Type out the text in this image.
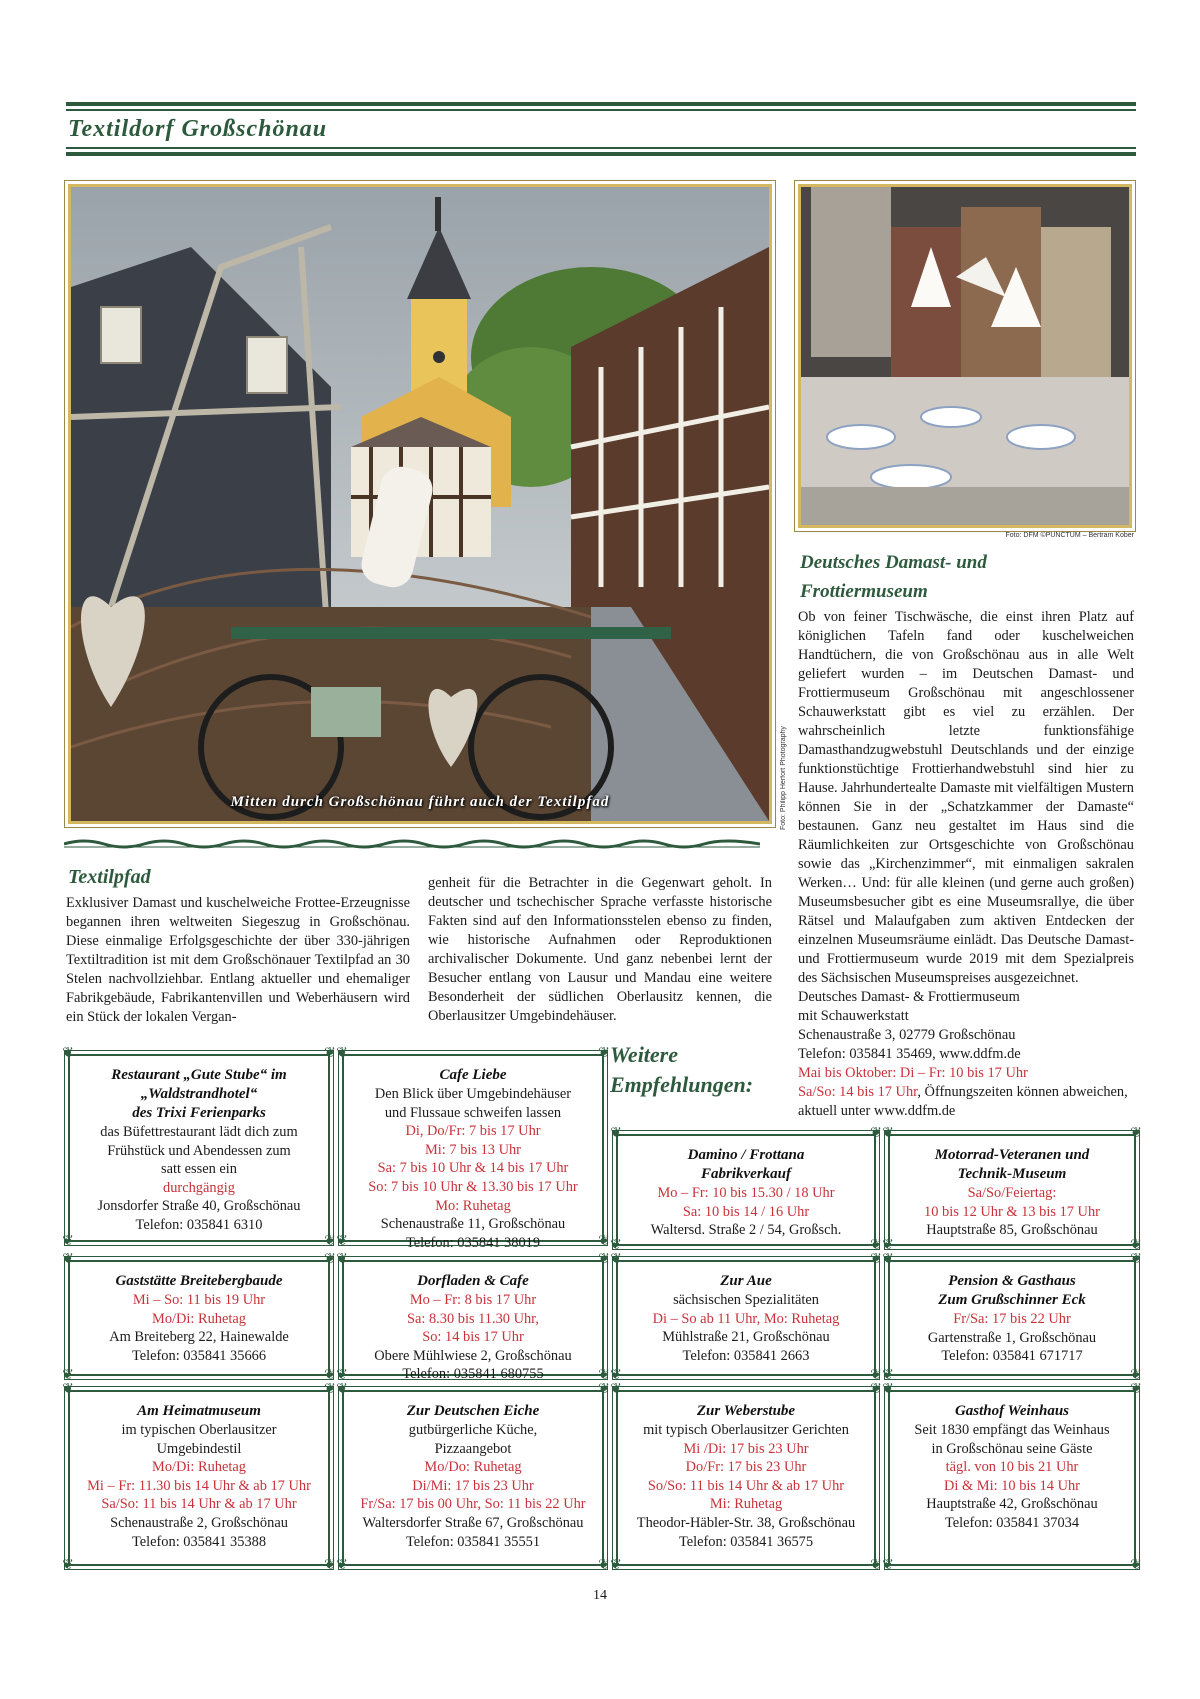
Textildorf Großschönau
Mitten durch Großschönau führt auch der Textilpfad	Foto: Philipp Herfort Photography
Foto: DFM ©PUNCTUM – Bertram Kober
Deutsches Damast- und
Frottiermuseum
Ob von feiner Tischwäsche, die einst ihren Platz auf königlichen Tafeln fand oder kuschelweichen Handtüchern, die von Großschönau aus in alle Welt geliefert wurden – im Deutschen Damast- und Frottiermuseum Großschönau mit angeschlossener Schauwerkstatt gibt es viel zu erzählen. Der wahrscheinlich letzte funktionsfähige Damasthandzugwebstuhl Deutschlands und der einzige funktionstüchtige Frottierhandwebstuhl sind hier zu Hause. Jahrhundertealte Damaste mit vielfältigen Mustern können Sie in der „Schatzkammer der Damaste“ bestaunen. Ganz neu gestaltet im Haus sind die Räumlichkeiten zur Ortsgeschichte von Großschönau sowie das „Kirchenzimmer“, mit einmaligen sakralen Werken… Und: für alle kleinen (und gerne auch großen) Museumsbesucher gibt es eine Museumsrallye, die über Rätsel und Malaufgaben zum aktiven Entdecken der einzelnen Museumsräume einlädt. Das Deutsche Damast- und Frottiermuseum wurde 2019 mit dem Spezialpreis des Sächsischen Museumspreises ausgezeichnet.
Deutsches Damast- & Frottiermuseum
mit Schauwerkstatt
Schenaustraße 3, 02779 Großschönau
Telefon: 035841 35469, www.ddfm.de
Mai bis Oktober: Di – Fr: 10 bis 17 Uhr
Sa/So: 14 bis 17 Uhr, Öffnungszeiten können abweichen, aktuell unter www.ddfm.de
Textilpfad
Exklusiver Damast und kuschelweiche Frottee-Erzeugnisse begannen ihren weltweiten Siegeszug in Großschönau. Diese einmalige Erfolgsgeschichte der über 330-jährigen Textiltradition ist mit dem Großschönauer Textilpfad an 30 Stelen nachvollziehbar. Entlang aktueller und ehemaliger Fabrikgebäude, Fabrikantenvillen und Weberhäusern wird ein Stück der lokalen Vergan-
genheit für die Betrachter in die Gegenwart geholt. In deutscher und tschechischer Sprache verfasste historische Fakten sind auf den Informationsstelen ebenso zu finden, wie historische Aufnahmen oder Reproduktionen archivalischer Dokumente. Und ganz nebenbei lernt der Besucher entlang von Lausur und Mandau eine weitere Besonderheit der südlichen Oberlausitz kennen, die Oberlausitzer Umgebindehäuser.
Weitere
Empfehlungen:
Restaurant „Gute Stube“ im
„Waldstrandhotel“
des Trixi Ferienparks
das Büfettrestaurant lädt dich zum
Frühstück und Abendessen zum
satt essen ein
durchgängig
Jonsdorfer Straße 40, Großschönau
Telefon: 035841 6310
❦	❦
❦	❦
Cafe Liebe
Den Blick über Umgebindehäuser
und Flussaue schweifen lassen
Di, Do/Fr: 7 bis 17 Uhr
Mi: 7 bis 13 Uhr
Sa: 7 bis 10 Uhr & 14 bis 17 Uhr
So: 7 bis 10 Uhr & 13.30 bis 17 Uhr
Mo: Ruhetag
Schenaustraße 11, Großschönau
Telefon: 035841 38019
❦	❦
❦	❦
Damino / Frottana
Fabrikverkauf
Mo – Fr: 10 bis 15.30 / 18 Uhr
Sa: 10 bis 14 / 16 Uhr
Waltersd. Straße 2 / 54, Großsch.
❦	❦
❦	❦
Motorrad-Veteranen und
Technik-Museum
Sa/So/Feiertag:
10 bis 12 Uhr & 13 bis 17 Uhr
Hauptstraße 85, Großschönau
❦	❦
❦	❦
Gaststätte Breitebergbaude
Mi – So: 11 bis 19 Uhr
Mo/Di: Ruhetag
Am Breiteberg 22, Hainewalde
Telefon: 035841 35666
❦	❦
❦	❦
Dorfladen & Cafe
Mo – Fr: 8 bis 17 Uhr
Sa: 8.30 bis 11.30 Uhr,
So: 14 bis 17 Uhr
Obere Mühlwiese 2, Großschönau
Telefon: 035841 680755
❦	❦
❦	❦
Zur Aue
sächsischen Spezialitäten
Di – So ab 11 Uhr, Mo: Ruhetag
Mühlstraße 21, Großschönau
Telefon: 035841 2663
❦	❦
❦	❦
Pension & Gasthaus
Zum Grußschinner Eck
Fr/Sa: 17 bis 22 Uhr
Gartenstraße 1, Großschönau
Telefon: 035841 671717
❦	❦
❦	❦
Am Heimatmuseum
im typischen Oberlausitzer
Umgebindestil
Mo/Di: Ruhetag
Mi – Fr: 11.30 bis 14 Uhr & ab 17 Uhr
Sa/So: 11 bis 14 Uhr & ab 17 Uhr
Schenaustraße 2, Großschönau
Telefon: 035841 35388
❦	❦
❦	❦
Zur Deutschen Eiche
gutbürgerliche Küche,
Pizzaangebot
Mo/Do: Ruhetag
Di/Mi: 17 bis 23 Uhr
Fr/Sa: 17 bis 00 Uhr, So: 11 bis 22 Uhr
Waltersdorfer Straße 67, Großschönau
Telefon: 035841 35551
❦	❦
❦	❦
Zur Weberstube
mit typisch Oberlausitzer Gerichten
Mi /Di: 17 bis 23 Uhr
Do/Fr: 17 bis 23 Uhr
So/So: 11 bis 14 Uhr & ab 17 Uhr
Mi: Ruhetag
Theodor-Häbler-Str. 38, Großschönau
Telefon: 035841 36575
❦	❦
❦	❦
Gasthof Weinhaus
Seit 1830 empfängt das Weinhaus
in Großschönau seine Gäste
tägl. von 10 bis 21 Uhr
Di & Mi: 10 bis 14 Uhr
Hauptstraße 42, Großschönau
Telefon: 035841 37034
❦	❦
❦	❦
14
